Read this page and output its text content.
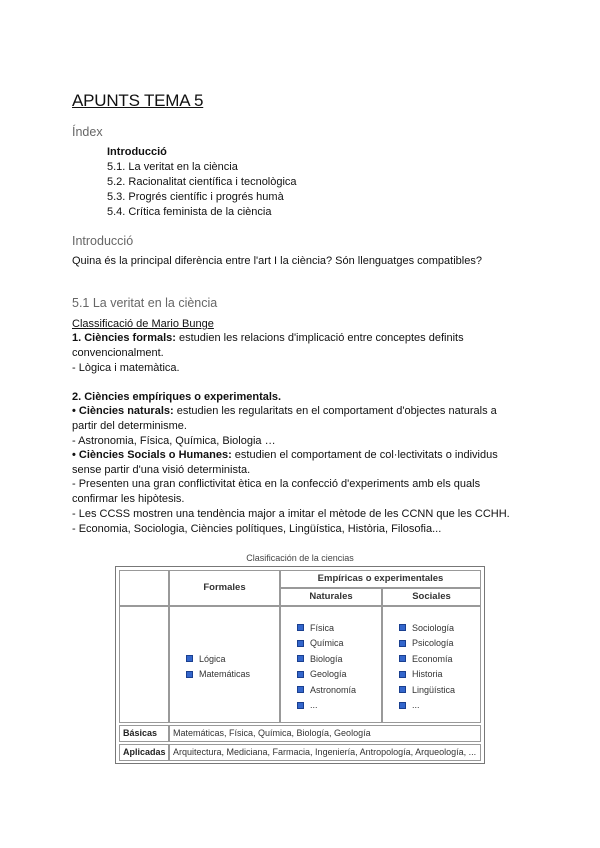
APUNTS TEMA 5
Índex
Introducció
5.1. La veritat en la ciència
5.2. Racionalitat científica i tecnològica
5.3. Progrés científic i progrés humà
5.4. Crítica feminista de la ciència
Introducció
Quina és la principal diferència entre l'art I la ciència? Són llenguatges compatibles?
5.1 La veritat en la ciència
Classificació de Mario Bunge
1. Ciències formals: estudien les relacions d'implicació entre conceptes definits
convencionalment.
- Lògica i matemàtica.
2. Ciències empíriques o experimentals.
• Ciències naturals: estudien les regularitats en el comportament d'objectes naturals a
partir del determinisme.
- Astronomia, Física, Química, Biologia …
• Ciències Socials o Humanes: estudien el comportament de col·lectivitats o individus
sense partir d'una visió determinista.
- Presenten una gran conflictivitat ètica en la confecció d'experiments amb els quals
confirmar les hipòtesis.
- Les CCSS mostren una tendència major a imitar el mètode de les CCNN que les CCHH.
- Economia, Sociologia, Ciències polítiques, Lingüística, Història, Filosofia...
Clasificación de la ciencias
Formales
Empíricas o experimentales
Naturales	Sociales
Lógica
Matemáticas
Física
Química
Biología
Geología
Astronomía
...
Sociología
Psicología
Economía
Historia
Lingüística
...
Básicas	Matemáticas, Física, Química, Biología, Geología
Aplicadas Arquitectura, Mediciana, Farmacia, Ingeniería, Antropología, Arqueología, ...
